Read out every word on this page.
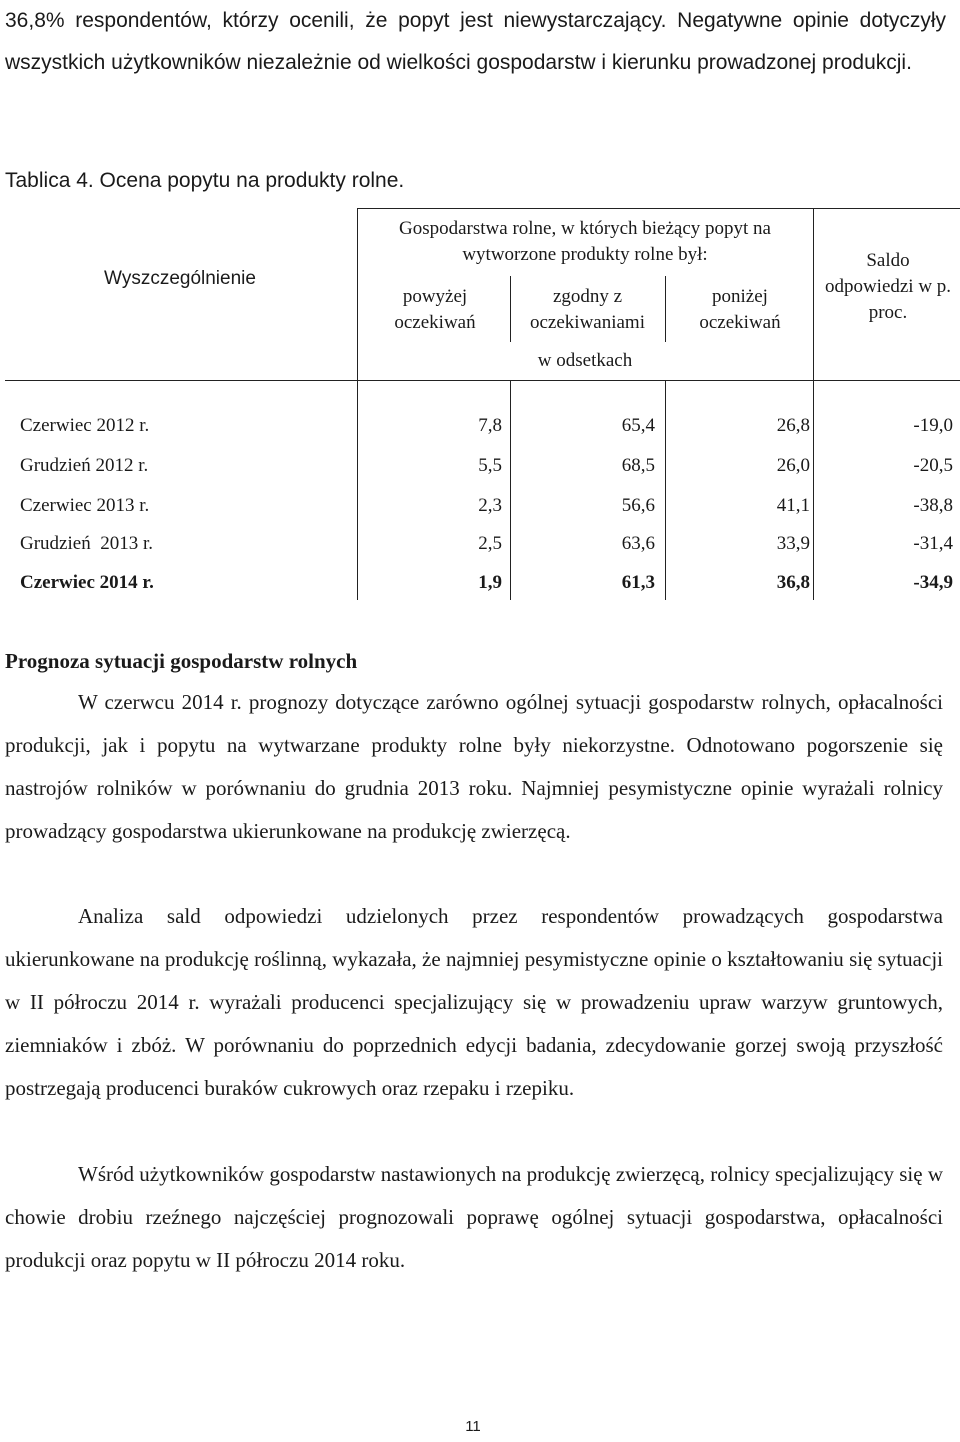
36,8% respondentów, którzy ocenili, że popyt jest niewystarczający. Negatywne opinie dotyczyły wszystkich użytkowników niezależnie od wielkości gospodarstw i kierunku prowadzonej produkcji.
Tablica 4. Ocena popytu na produkty rolne.
Wyszczególnienie
Gospodarstwa rolne, w których bieżący popyt na wytworzone produkty rolne był:
powyżej oczekiwań
zgodny z oczekiwaniami
poniżej oczekiwań
w odsetkach
Saldo odpowiedzi w p. proc.
Czerwiec 2012 r.	7,8	65,4	26,8	-19,0
Grudzień 2012 r.	5,5	68,5	26,0	-20,5
Czerwiec 2013 r.	2,3	56,6	41,1	-38,8
Grudzień  2013 r.	2,5	63,6	33,9	-31,4
Czerwiec 2014 r.	1,9	61,3	36,8	-34,9
Prognoza sytuacji gospodarstw rolnych
W czerwcu 2014 r. prognozy dotyczące zarówno ogólnej sytuacji gospodarstw rolnych, opłacalności produkcji, jak i popytu na wytwarzane produkty rolne były niekorzystne. Odnotowano pogorszenie się nastrojów rolników w porównaniu do grudnia 2013 roku. Najmniej pesymistyczne opinie wyrażali rolnicy prowadzący gospodarstwa ukierunkowane na produkcję zwierzęcą.
Analiza sald odpowiedzi udzielonych przez respondentów prowadzących gospodarstwa ukierunkowane na produkcję roślinną, wykazała, że najmniej pesymistyczne opinie o kształtowaniu się sytuacji w II półroczu 2014 r. wyrażali producenci specjalizujący się w prowadzeniu upraw warzyw gruntowych, ziemniaków i zbóż. W porównaniu do poprzednich edycji badania, zdecydowanie gorzej swoją przyszłość postrzegają producenci buraków cukrowych oraz rzepaku i rzepiku.
Wśród użytkowników gospodarstw nastawionych na produkcję zwierzęcą, rolnicy specjalizujący się w chowie drobiu rzeźnego najczęściej prognozowali poprawę ogólnej sytuacji gospodarstwa, opłacalności produkcji oraz popytu w II półroczu 2014 roku.
11
